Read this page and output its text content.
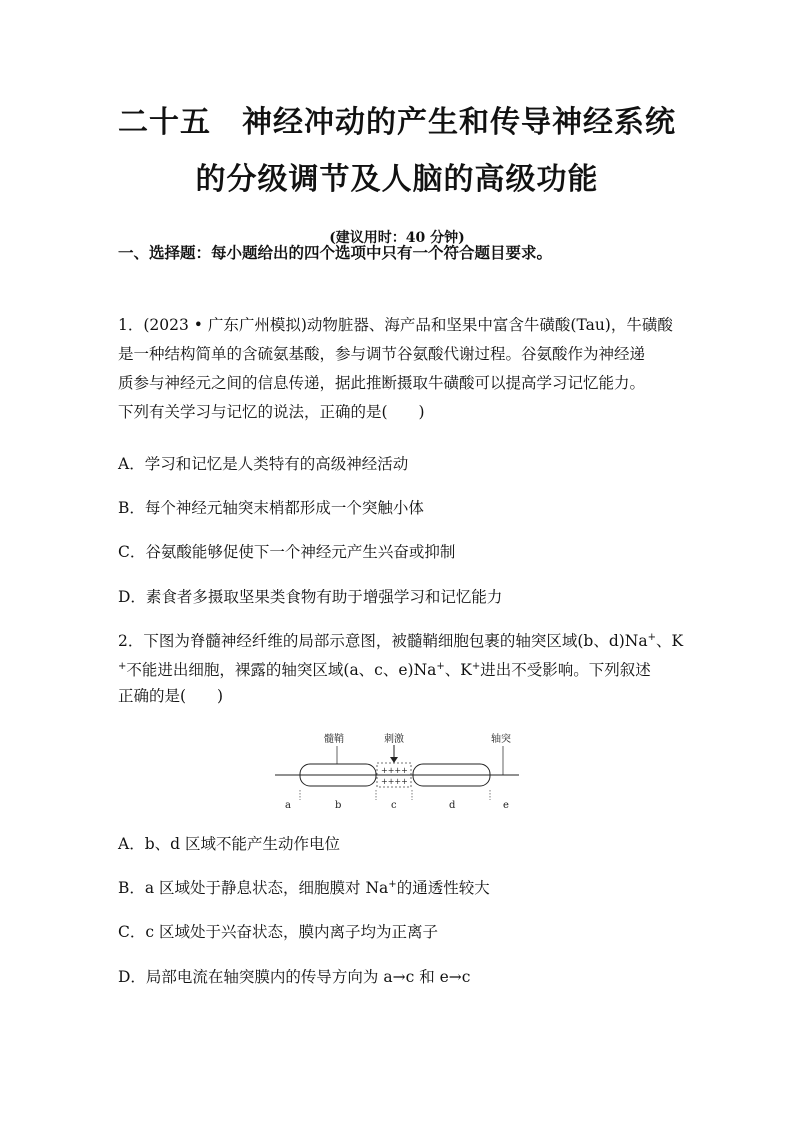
二十五　神经冲动的产生和传导神经系统
的分级调节及人脑的高级功能
(建议用时：40 分钟)
一、选择题：每小题给出的四个选项中只有一个符合题目要求。
1．(2023 • 广东广州模拟)动物脏器、海产品和坚果中富含牛磺酸(Tau)，牛磺酸
是一种结构简单的含硫氨基酸，参与调节谷氨酸代谢过程。谷氨酸作为神经递
质参与神经元之间的信息传递，据此推断摄取牛磺酸可以提高学习记忆能力。
下列有关学习与记忆的说法，正确的是(　　)
A．学习和记忆是人类特有的高级神经活动
B．每个神经元轴突末梢都形成一个突触小体
C．谷氨酸能够促使下一个神经元产生兴奋或抑制
D．素食者多摄取坚果类食物有助于增强学习和记忆能力
2．下图为脊髓神经纤维的局部示意图，被髓鞘细胞包裹的轴突区域(b、d)Na+、K
+不能进出细胞，裸露的轴突区域(a、c、e)Na+、K+进出不受影响。下列叙述
正确的是(　　)
++++
++++
髓鞘	刺激	轴突
a	b	c	d	e
A．b、d 区域不能产生动作电位
B．a 区域处于静息状态，细胞膜对 Na+的通透性较大
C．c 区域处于兴奋状态，膜内离子均为正离子
D．局部电流在轴突膜内的传导方向为 a→c 和 e→c
